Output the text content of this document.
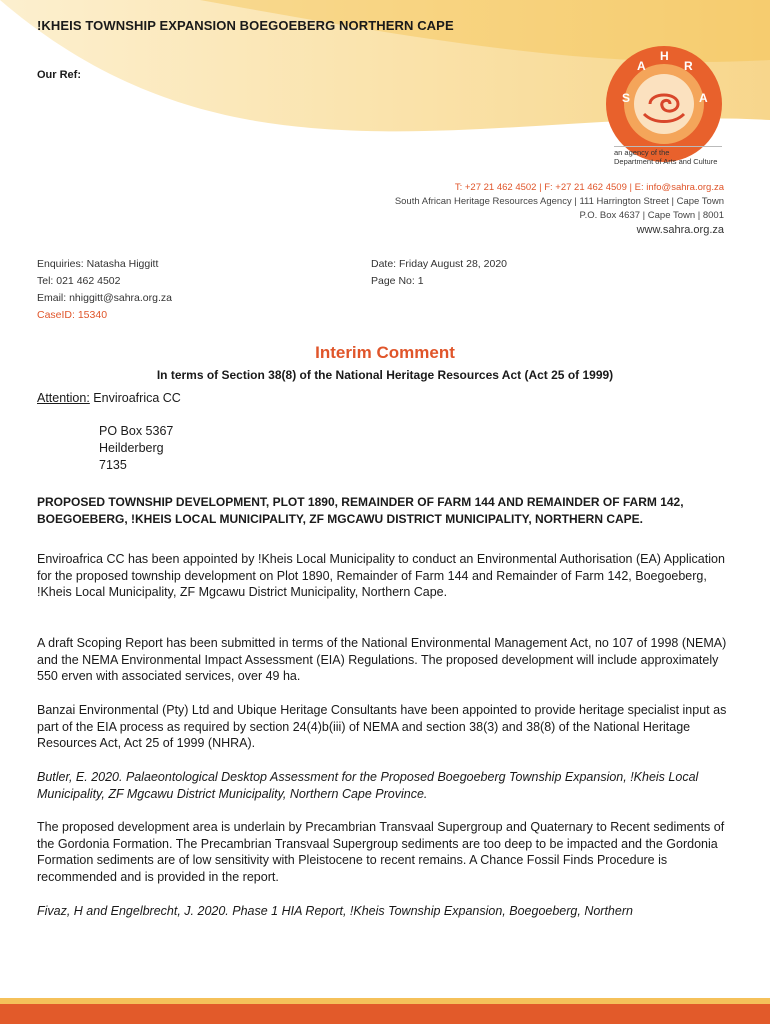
!KHEIS TOWNSHIP EXPANSION BOEGOEBERG NORTHERN CAPE
Our Ref:
S
A
H
R
A
an agency of the
Department of Arts and Culture
T: +27 21 462 4502 | F: +27 21 462 4509 | E: info@sahra.org.za
South African Heritage Resources Agency | 111 Harrington Street | Cape Town
P.O. Box 4637 | Cape Town | 8001
www.sahra.org.za
Enquiries: Natasha Higgitt
Tel: 021 462 4502
Email: nhiggitt@sahra.org.za
CaseID: 15340
Date: Friday August 28, 2020
Page No: 1
Interim Comment
In terms of Section 38(8) of the National Heritage Resources Act (Act 25 of 1999)
Attention: Enviroafrica CC
PO Box 5367
Heilderberg
7135
PROPOSED TOWNSHIP DEVELOPMENT, PLOT 1890, REMAINDER OF FARM 144 AND REMAINDER OF FARM 142, BOEGOEBERG, !KHEIS LOCAL MUNICIPALITY, ZF MGCAWU DISTRICT MUNICIPALITY, NORTHERN CAPE.
Enviroafrica CC has been appointed by !Kheis Local Municipality to conduct an Environmental Authorisation (EA) Application for the proposed township development on Plot 1890, Remainder of Farm 144 and Remainder of Farm 142, Boegoeberg, !Kheis Local Municipality, ZF Mgcawu District Municipality, Northern Cape.
A draft Scoping Report has been submitted in terms of the National Environmental Management Act, no 107 of 1998 (NEMA) and the NEMA Environmental Impact Assessment (EIA) Regulations. The proposed development will include approximately 550 erven with associated services, over 49 ha.
Banzai Environmental (Pty) Ltd and Ubique Heritage Consultants have been appointed to provide heritage specialist input as part of the EIA process as required by section 24(4)b(iii) of NEMA and section 38(3) and 38(8) of the National Heritage Resources Act, Act 25 of 1999 (NHRA).
Butler, E. 2020. Palaeontological Desktop Assessment for the Proposed Boegoeberg Township Expansion, !Kheis Local Municipality, ZF Mgcawu District Municipality, Northern Cape Province.
The proposed development area is underlain by Precambrian Transvaal Supergroup and Quaternary to Recent sediments of the Gordonia Formation. The Precambrian Transvaal Supergroup sediments are too deep to be impacted and the Gordonia Formation sediments are of low sensitivity with Pleistocene to recent remains. A Chance Fossil Finds Procedure is recommended and is provided in the report.
Fivaz, H and Engelbrecht, J. 2020. Phase 1 HIA Report, !Kheis Township Expansion, Boegoeberg, Northern
